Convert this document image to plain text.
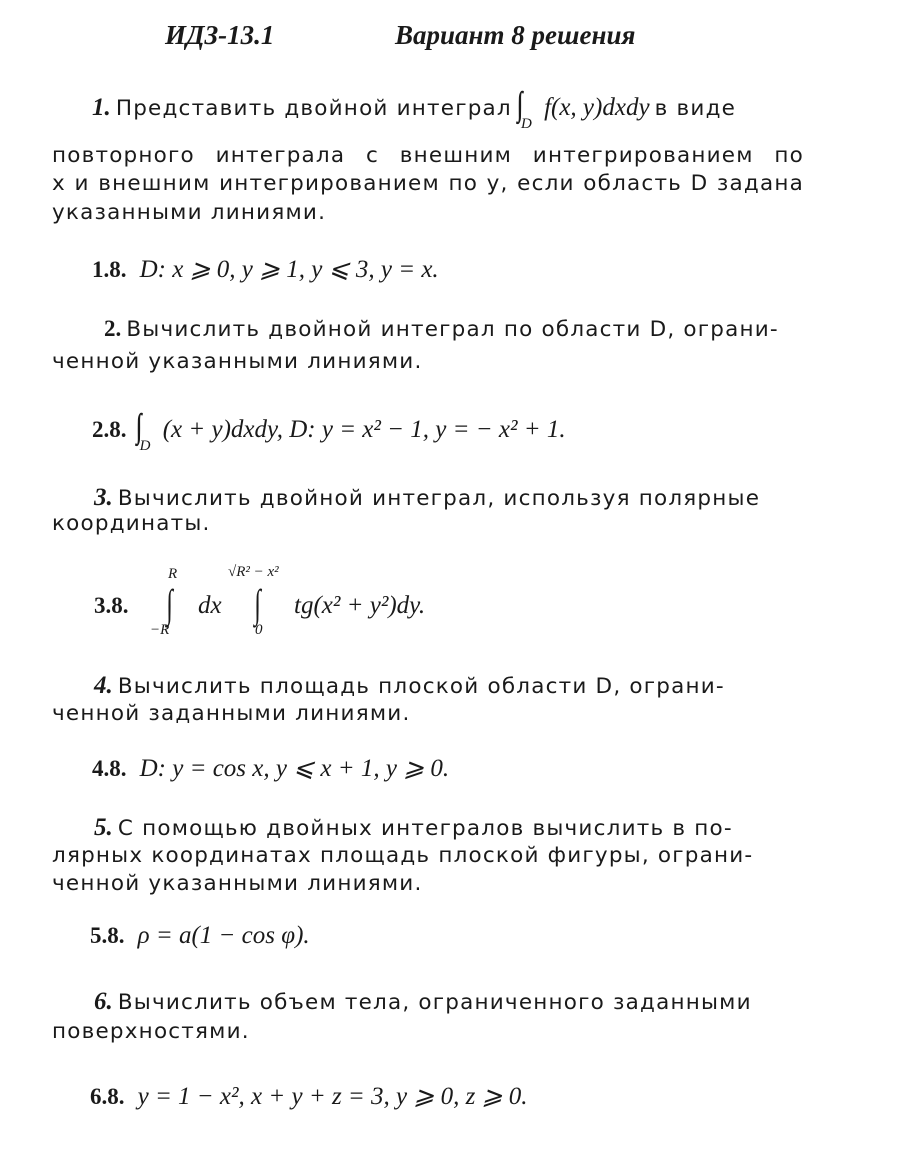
ИДЗ-13.1	Вариант 8 решения
1. Представить двойной интеграл ∫∫
D
f(x, y)dxdy в виде
повторного интеграла с внешним интегрированием по
x и внешним интегрированием по y, если область D задана
указанными линиями.
1.8. D: x ⩾ 0, y ⩾ 1, y ⩽ 3, y = x.
2. Вычислить двойной интеграл по области D, ограни-
ченной указанными линиями.
2.8. ∫∫
D
(x + y)dxdy, D: y = x² − 1, y = − x² + 1.
3. Вычислить двойной интеграл, используя полярные
координаты.
3.8.
R
∫
−R
dx
√R² − x²
∫
0
tg(x² + y²)dy.
4. Вычислить площадь плоской области D, ограни-
ченной заданными линиями.
4.8. D: y = cos x, y ⩽ x + 1, y ⩾ 0.
5. С помощью двойных интегралов вычислить в по-
лярных координатах площадь плоской фигуры, ограни-
ченной указанными линиями.
5.8. ρ = a(1 − cos φ).
6. Вычислить объем тела, ограниченного заданными
поверхностями.
6.8. y = 1 − x², x + y + z = 3, y ⩾ 0, z ⩾ 0.
